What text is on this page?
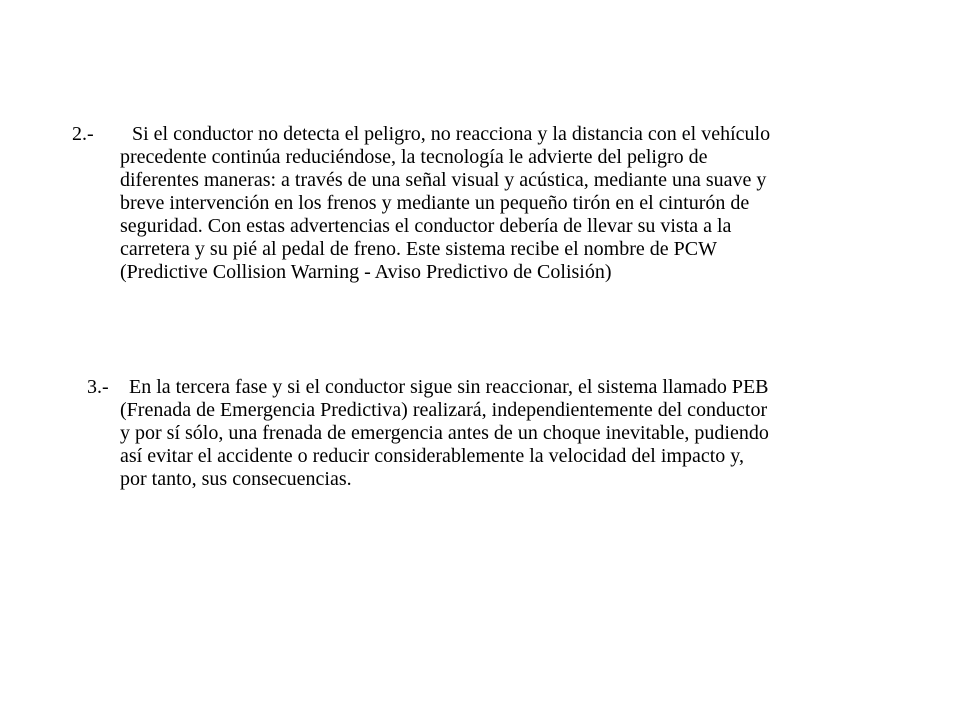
2.- Si el conductor no detecta el peligro, no reacciona y la distancia con el vehículo
precedente continúa reduciéndose, la tecnología le advierte del peligro de
diferentes maneras: a través de una señal visual y acústica, mediante una suave y
breve intervención en los frenos y mediante un pequeño tirón en el cinturón de
seguridad. Con estas advertencias el conductor debería de llevar su vista a la
carretera y su pié al pedal de freno. Este sistema recibe el nombre de PCW
(Predictive Collision Warning - Aviso Predictivo de Colisión)
3.- En la tercera fase y si el conductor sigue sin reaccionar, el sistema llamado PEB
(Frenada de Emergencia Predictiva) realizará, independientemente del conductor
y por sí sólo, una frenada de emergencia antes de un choque inevitable, pudiendo
así evitar el accidente o reducir considerablemente la velocidad del impacto y,
por tanto, sus consecuencias.
